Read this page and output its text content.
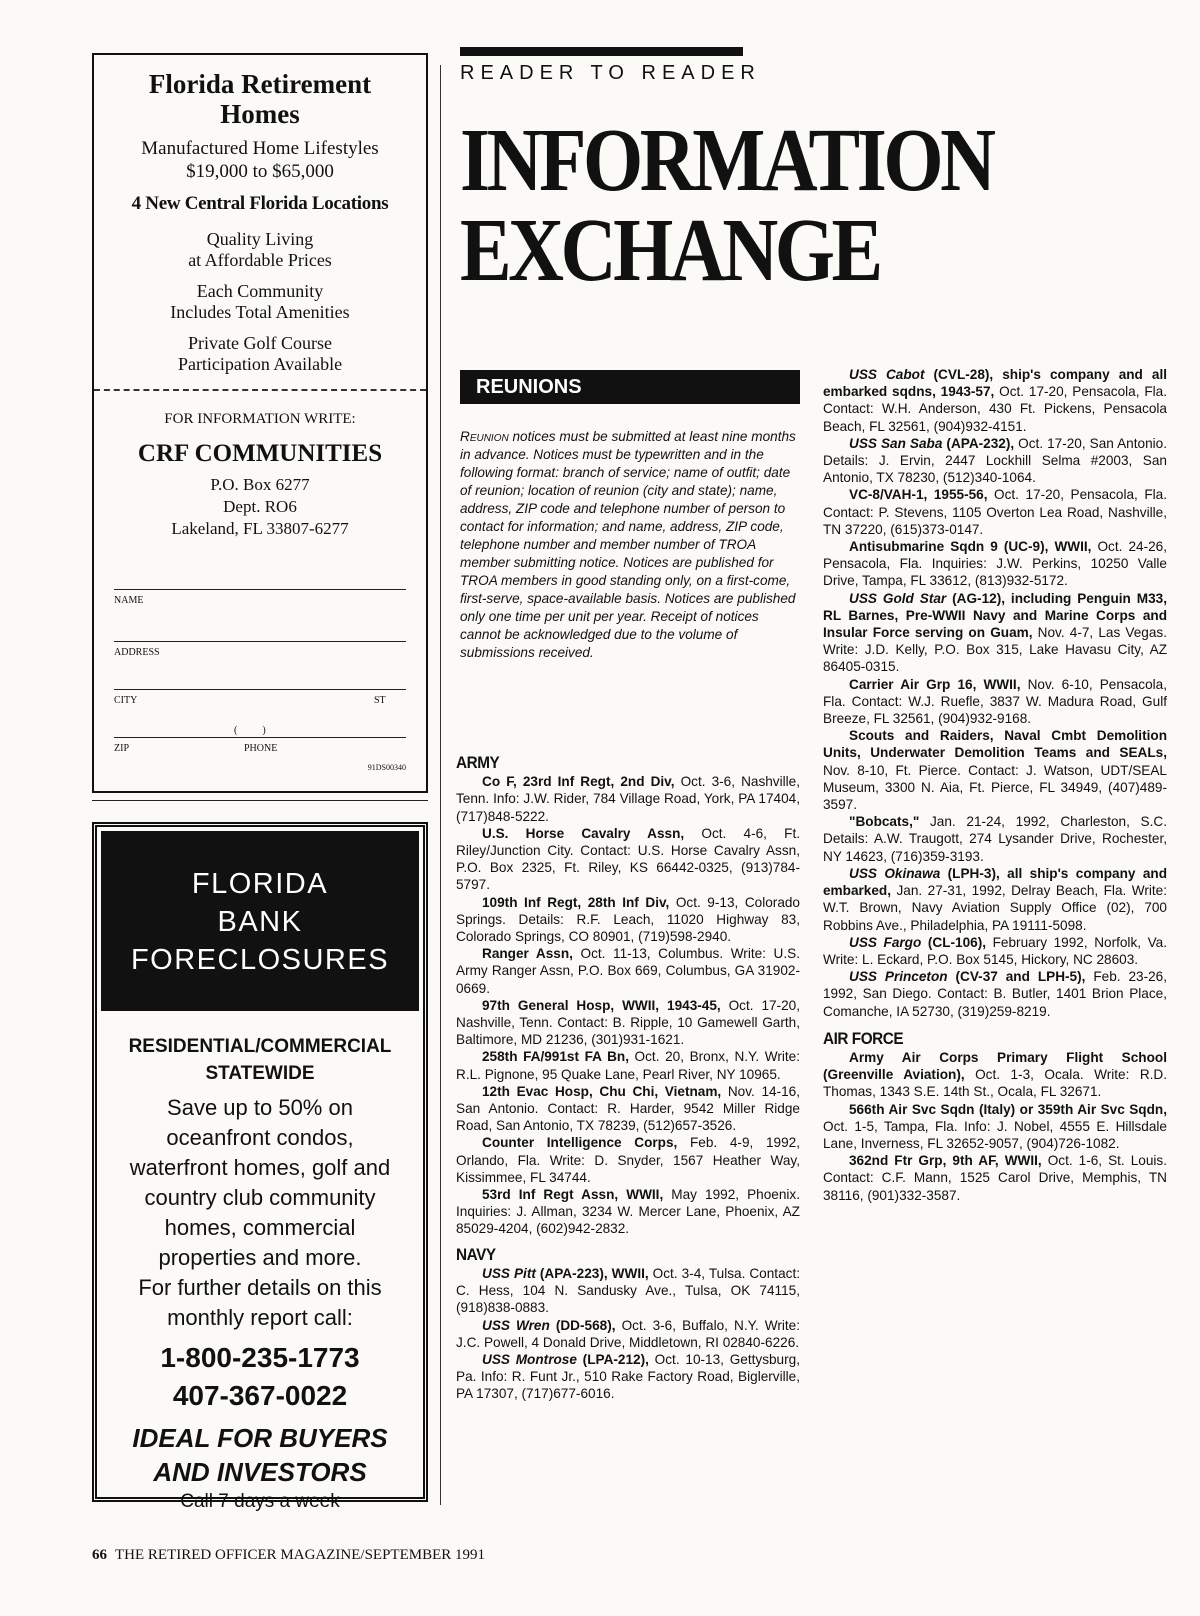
Florida Retirement Homes
Manufactured Home Lifestyles
$19,000 to $65,000
4 New Central Florida Locations
Quality Living
at Affordable Prices
Each Community
Includes Total Amenities
Private Golf Course
Participation Available
FOR INFORMATION WRITE:
CRF COMMUNITIES
P.O. Box 6277
Dept. RO6
Lakeland, FL 33807-6277
NAME
ADDRESS
CITY	ST
(          )
ZIP	PHONE
91DS00340
FLORIDA
BANK
FORECLOSURES
RESIDENTIAL/COMMERCIAL
STATEWIDE
Save up to 50% on
oceanfront condos,
waterfront homes, golf and
country club community
homes, commercial
properties and more.
For further details on this
monthly report call:
1-800-235-1773
407-367-0022
IDEAL FOR BUYERS
AND INVESTORS
Call 7 days a week
READER TO READER
INFORMATION
EXCHANGE
REUNIONS
Reunion notices must be submitted at least nine months in advance. Notices must be typewritten and in the following format: branch of service; name of outfit; date of reunion; location of reunion (city and state); name, address, ZIP code and telephone number of person to contact for information; and name, address, ZIP code, telephone number and member number of TROA member submitting notice. Notices are published for TROA members in good standing only, on a first-come, first-serve, space-available basis. Notices are published only one time per unit per year. Receipt of notices cannot be acknowledged due to the volume of submissions received.
ARMY

Co F, 23rd Inf Regt, 2nd Div, Oct. 3-6, Nashville, Tenn. Info: J.W. Rider, 784 Village Road, York, PA 17404, (717)848-5222.

U.S. Horse Cavalry Assn, Oct. 4-6, Ft. Riley/Junction City. Contact: U.S. Horse Cavalry Assn, P.O. Box 2325, Ft. Riley, KS 66442-0325, (913)784-5797.

109th Inf Regt, 28th Inf Div, Oct. 9-13, Colorado Springs. Details: R.F. Leach, 11020 Highway 83, Colorado Springs, CO 80901, (719)598-2940.

Ranger Assn, Oct. 11-13, Columbus. Write: U.S. Army Ranger Assn, P.O. Box 669, Columbus, GA 31902-0669.

97th General Hosp, WWII, 1943-45, Oct. 17-20, Nashville, Tenn. Contact: B. Ripple, 10 Gamewell Garth, Baltimore, MD 21236, (301)931-1621.

258th FA/991st FA Bn, Oct. 20, Bronx, N.Y. Write: R.L. Pignone, 95 Quake Lane, Pearl River, NY 10965.

12th Evac Hosp, Chu Chi, Vietnam, Nov. 14-16, San Antonio. Contact: R. Harder, 9542 Miller Ridge Road, San Antonio, TX 78239, (512)657-3526.

Counter Intelligence Corps, Feb. 4-9, 1992, Orlando, Fla. Write: D. Snyder, 1567 Heather Way, Kissimmee, FL 34744.

53rd Inf Regt Assn, WWII, May 1992, Phoenix. Inquiries: J. Allman, 3234 W. Mercer Lane, Phoenix, AZ 85029-4204, (602)942-2832.

NAVY

USS Pitt (APA-223), WWII, Oct. 3-4, Tulsa. Contact: C. Hess, 104 N. Sandusky Ave., Tulsa, OK 74115, (918)838-0883.

USS Wren (DD-568), Oct. 3-6, Buffalo, N.Y. Write: J.C. Powell, 4 Donald Drive, Middletown, RI 02840-6226.

USS Montrose (LPA-212), Oct. 10-13, Gettysburg, Pa. Info: R. Funt Jr., 510 Rake Factory Road, Biglerville, PA 17307, (717)677-6016.

USS Cabot (CVL-28), ship's company and all embarked sqdns, 1943-57, Oct. 17-20, Pensacola, Fla. Contact: W.H. Anderson, 430 Ft. Pickens, Pensacola Beach, FL 32561, (904)932-4151.

USS San Saba (APA-232), Oct. 17-20, San Antonio. Details: J. Ervin, 2447 Lockhill Selma #2003, San Antonio, TX 78230, (512)340-1064.

VC-8/VAH-1, 1955-56, Oct. 17-20, Pensacola, Fla. Contact: P. Stevens, 1105 Overton Lea Road, Nashville, TN 37220, (615)373-0147.

Antisubmarine Sqdn 9 (UC-9), WWII, Oct. 24-26, Pensacola, Fla. Inquiries: J.W. Perkins, 10250 Valle Drive, Tampa, FL 33612, (813)932-5172.

USS Gold Star (AG-12), including Penguin M33, RL Barnes, Pre-WWII Navy and Marine Corps and Insular Force serving on Guam, Nov. 4-7, Las Vegas. Write: J.D. Kelly, P.O. Box 315, Lake Havasu City, AZ 86405-0315.

Carrier Air Grp 16, WWII, Nov. 6-10, Pensacola, Fla. Contact: W.J. Ruefle, 3837 W. Madura Road, Gulf Breeze, FL 32561, (904)932-9168.

Scouts and Raiders, Naval Cmbt Demolition Units, Underwater Demolition Teams and SEALs, Nov. 8-10, Ft. Pierce. Contact: J. Watson, UDT/SEAL Museum, 3300 N. Aia, Ft. Pierce, FL 34949, (407)489-3597.

"Bobcats," Jan. 21-24, 1992, Charleston, S.C. Details: A.W. Traugott, 274 Lysander Drive, Rochester, NY 14623, (716)359-3193.

USS Okinawa (LPH-3), all ship's company and embarked, Jan. 27-31, 1992, Delray Beach, Fla. Write: W.T. Brown, Navy Aviation Supply Office (02), 700 Robbins Ave., Philadelphia, PA 19111-5098.

USS Fargo (CL-106), February 1992, Norfolk, Va. Write: L. Eckard, P.O. Box 5145, Hickory, NC 28603.

USS Princeton (CV-37 and LPH-5), Feb. 23-26, 1992, San Diego. Contact: B. Butler, 1401 Brion Place, Comanche, IA 52730, (319)259-8219.

AIR FORCE

Army Air Corps Primary Flight School (Greenville Aviation), Oct. 1-3, Ocala. Write: R.D. Thomas, 1343 S.E. 14th St., Ocala, FL 32671.

566th Air Svc Sqdn (Italy) or 359th Air Svc Sqdn, Oct. 1-5, Tampa, Fla. Info: J. Nobel, 4555 E. Hillsdale Lane, Inverness, FL 32652-9057, (904)726-1082.

362nd Ftr Grp, 9th AF, WWII, Oct. 1-6, St. Louis. Contact: C.F. Mann, 1525 Carol Drive, Memphis, TN 38116, (901)332-3587.

66 THE RETIRED OFFICER MAGAZINE/SEPTEMBER 1991
